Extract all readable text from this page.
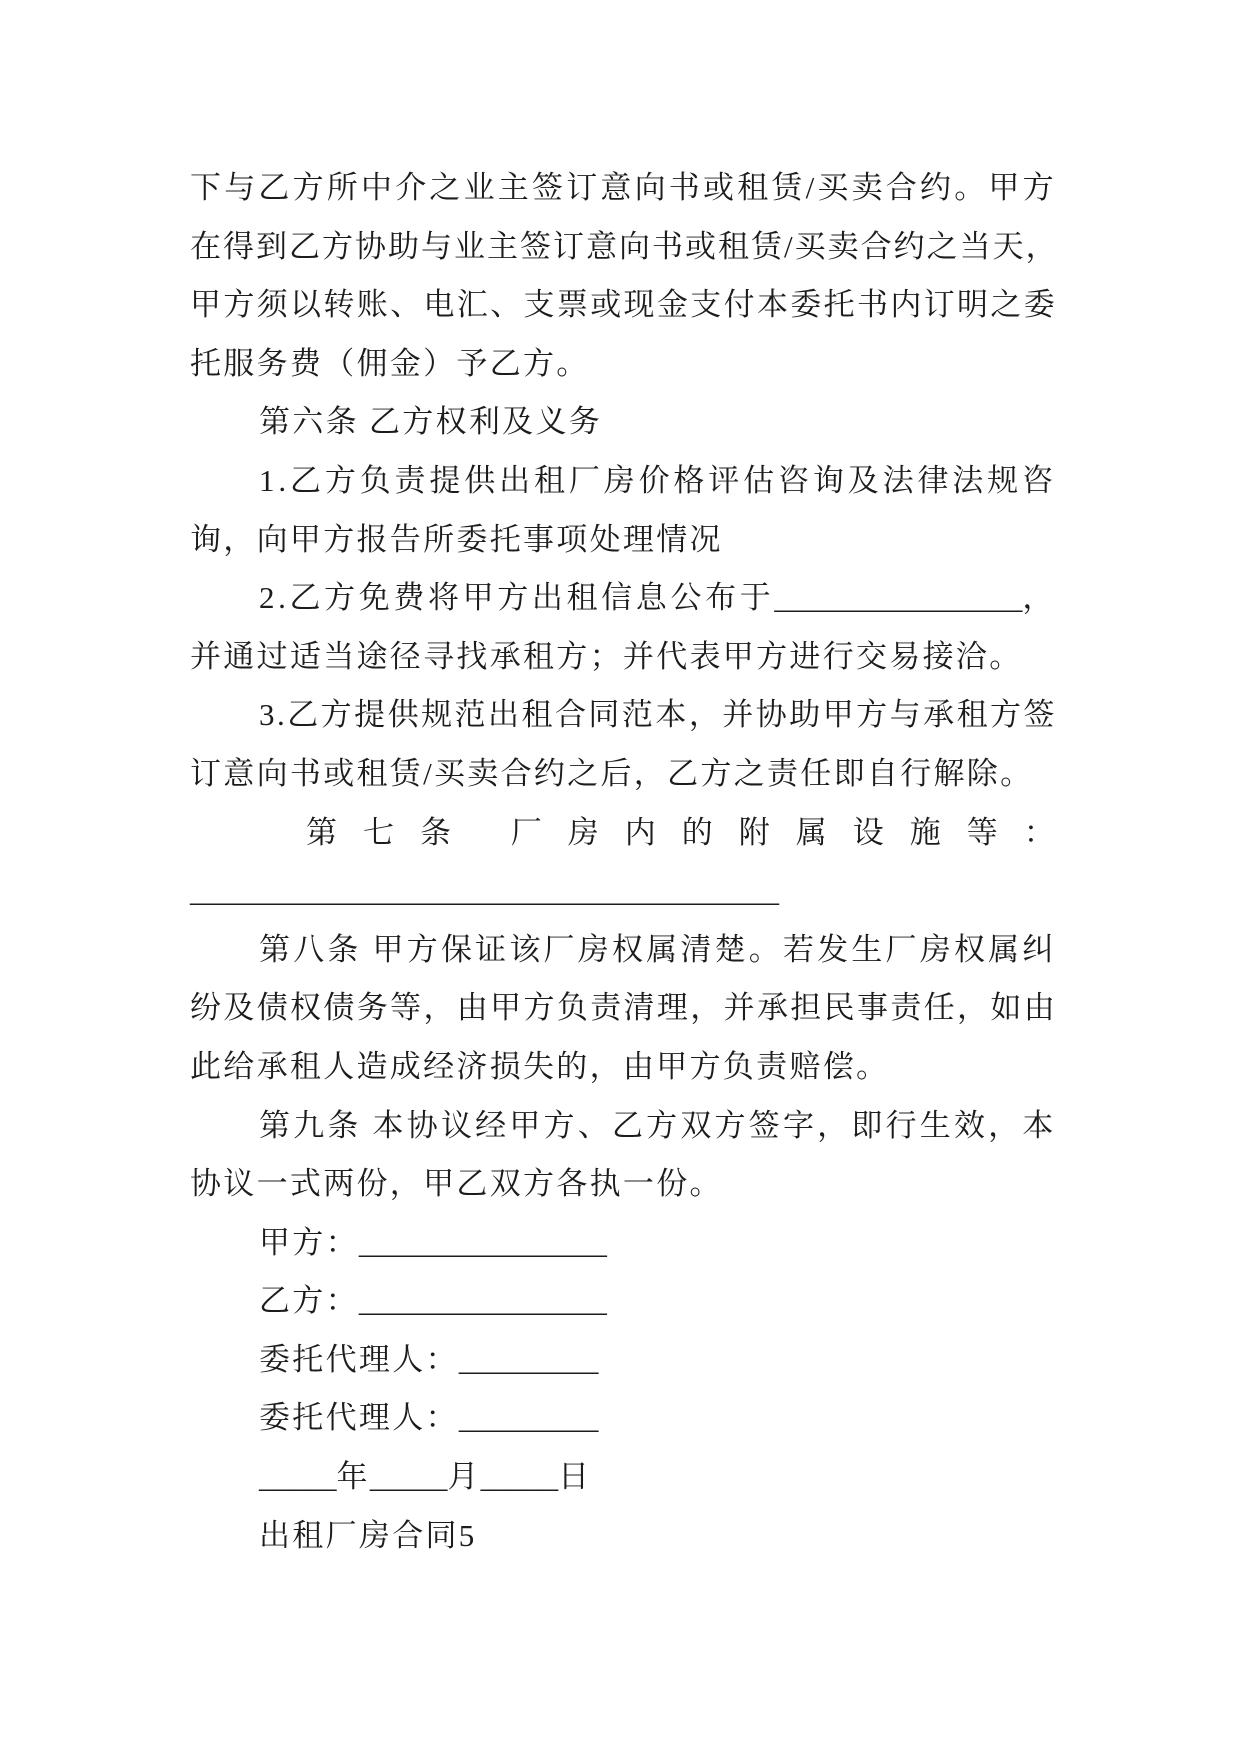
下与乙方所中介之业主签订意向书或租赁/买卖合约。甲方
在得到乙方协助与业主签订意向书或租赁/买卖合约之当天，
甲方须以转账、电汇、支票或现金支付本委托书内订明之委
托服务费（佣金）予乙方。
第六条 乙方权利及义务
1.乙方负责提供出租厂房价格评估咨询及法律法规咨
询，向甲方报告所委托事项处理情况
2.乙方免费将甲方出租信息公布于________________，
并通过适当途径寻找承租方；并代表甲方进行交易接洽。
3.乙方提供规范出租合同范本，并协助甲方与承租方签
订意向书或租赁/买卖合约之后，乙方之责任即自行解除。
第七条 厂房内的附属设施等：
______________________________________
第八条 甲方保证该厂房权属清楚。若发生厂房权属纠
纷及债权债务等，由甲方负责清理，并承担民事责任，如由
此给承租人造成经济损失的，由甲方负责赔偿。
第九条 本协议经甲方、乙方双方签字，即行生效，本
协议一式两份，甲乙双方各执一份。
甲方：________________
乙方：________________
委托代理人：_________
委托代理人：_________
_____年_____月_____日
出租厂房合同5
